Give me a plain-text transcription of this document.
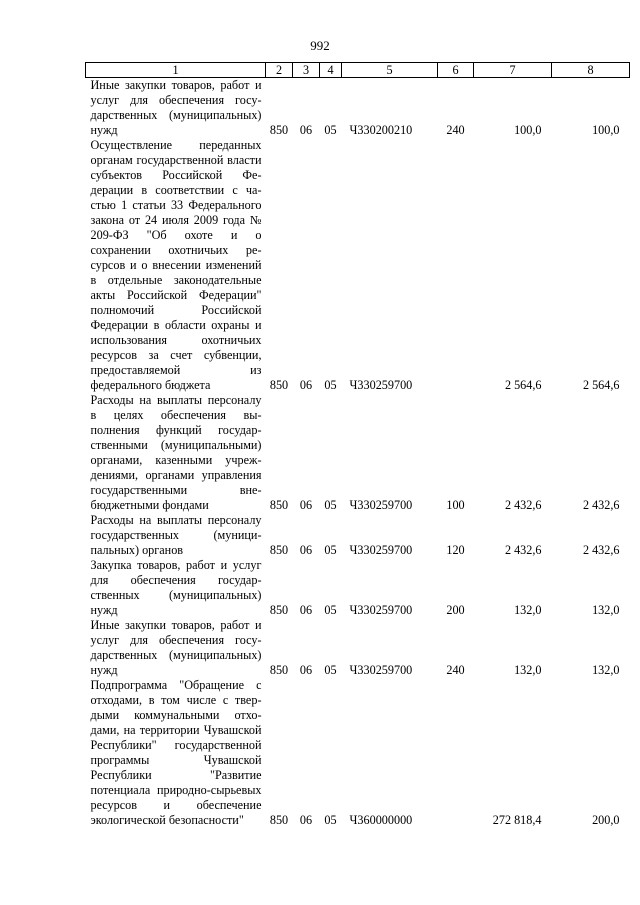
992
1	2	3	4	5	6	7	8
Иные закупки товаров, работ и услуг для обеспечения государственных (муниципальных) нужд	850	06	05	Ч330200210	240	100,0	100,0
Осуществление переданных органам государственной власти субъектов Российской Федерации в соответствии с частью 1 статьи 33 Федерального закона от 24 июля 2009 года № 209-ФЗ "Об охоте и о сохранении охотничьих ресурсов и о внесении изменений в отдельные законодательные акты Российской Федерации" полномочий Российской Федерации в области охраны и использования охотничьих ресурсов за счет субвенции, предоставляемой из федерального бюджета	850	06	05	Ч330259700		2 564,6	2 564,6
Расходы на выплаты персоналу в целях обеспечения выполнения функций государственными (муниципальными) органами, казенными учреждениями, органами управления государственными внебюджетными фондами	850	06	05	Ч330259700	100	2 432,6	2 432,6
Расходы на выплаты персоналу государственных (муниципальных) органов	850	06	05	Ч330259700	120	2 432,6	2 432,6
Закупка товаров, работ и услуг для обеспечения государственных (муниципальных) нужд	850	06	05	Ч330259700	200	132,0	132,0
Иные закупки товаров, работ и услуг для обеспечения государственных (муниципальных) нужд	850	06	05	Ч330259700	240	132,0	132,0
Подпрограмма "Обращение с отходами, в том числе с твердыми коммунальными отходами, на территории Чувашской Республики" государственной программы Чувашской Республики "Развитие потенциала природно-сырьевых ресурсов и обеспечение экологической безопасности"	850	06	05	Ч360000000		272 818,4	200,0
